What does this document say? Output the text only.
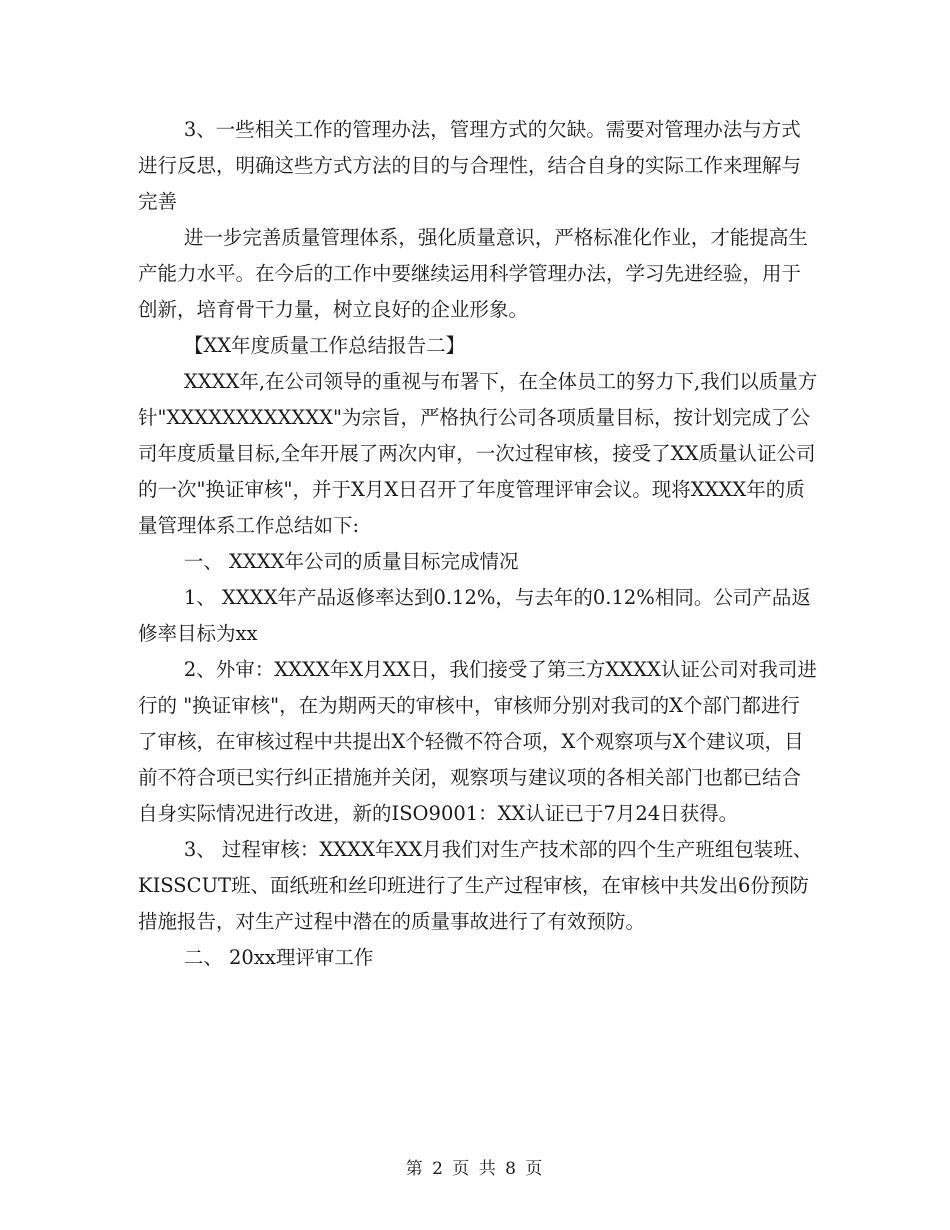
3、一些相关工作的管理办法，管理方式的欠缺。需要对管理办法与方式进行反思，明确这些方式方法的目的与合理性，结合自身的实际工作来理解与完善

进一步完善质量管理体系，强化质量意识，严格标准化作业，才能提高生产能力水平。在今后的工作中要继续运用科学管理办法，学习先进经验，用于创新，培育骨干力量，树立良好的企业形象。

【XX年度质量工作总结报告二】

XXXX年,在公司领导的重视与布署下，在全体员工的努力下,我们以质量方针"XXXXXXXXXXXX"为宗旨，严格执行公司各项质量目标，按计划完成了公司年度质量目标,全年开展了两次内审，一次过程审核，接受了XX质量认证公司的一次"换证审核"，并于X月X日召开了年度管理评审会议。现将XXXX年的质量管理体系工作总结如下:

一、 XXXX年公司的质量目标完成情况

1、 XXXX年产品返修率达到0.12%，与去年的0.12%相同。公司产品返修率目标为xx

2、外审：XXXX年X月XX日，我们接受了第三方XXXX认证公司对我司进行的 "换证审核"，在为期两天的审核中，审核师分别对我司的X个部门都进行了审核，在审核过程中共提出X个轻微不符合项，X个观察项与X个建议项，目前不符合项已实行纠正措施并关闭，观察项与建议项的各相关部门也都已结合自身实际情况进行改进，新的ISO9001：XX认证已于7月24日获得。

3、 过程审核：XXXX年XX月我们对生产技术部的四个生产班组包装班、KISSCUT班、面纸班和丝印班进行了生产过程审核，在审核中共发出6份预防措施报告，对生产过程中潜在的质量事故进行了有效预防。

二、 20xx理评审工作

第 2 页 共 8 页
